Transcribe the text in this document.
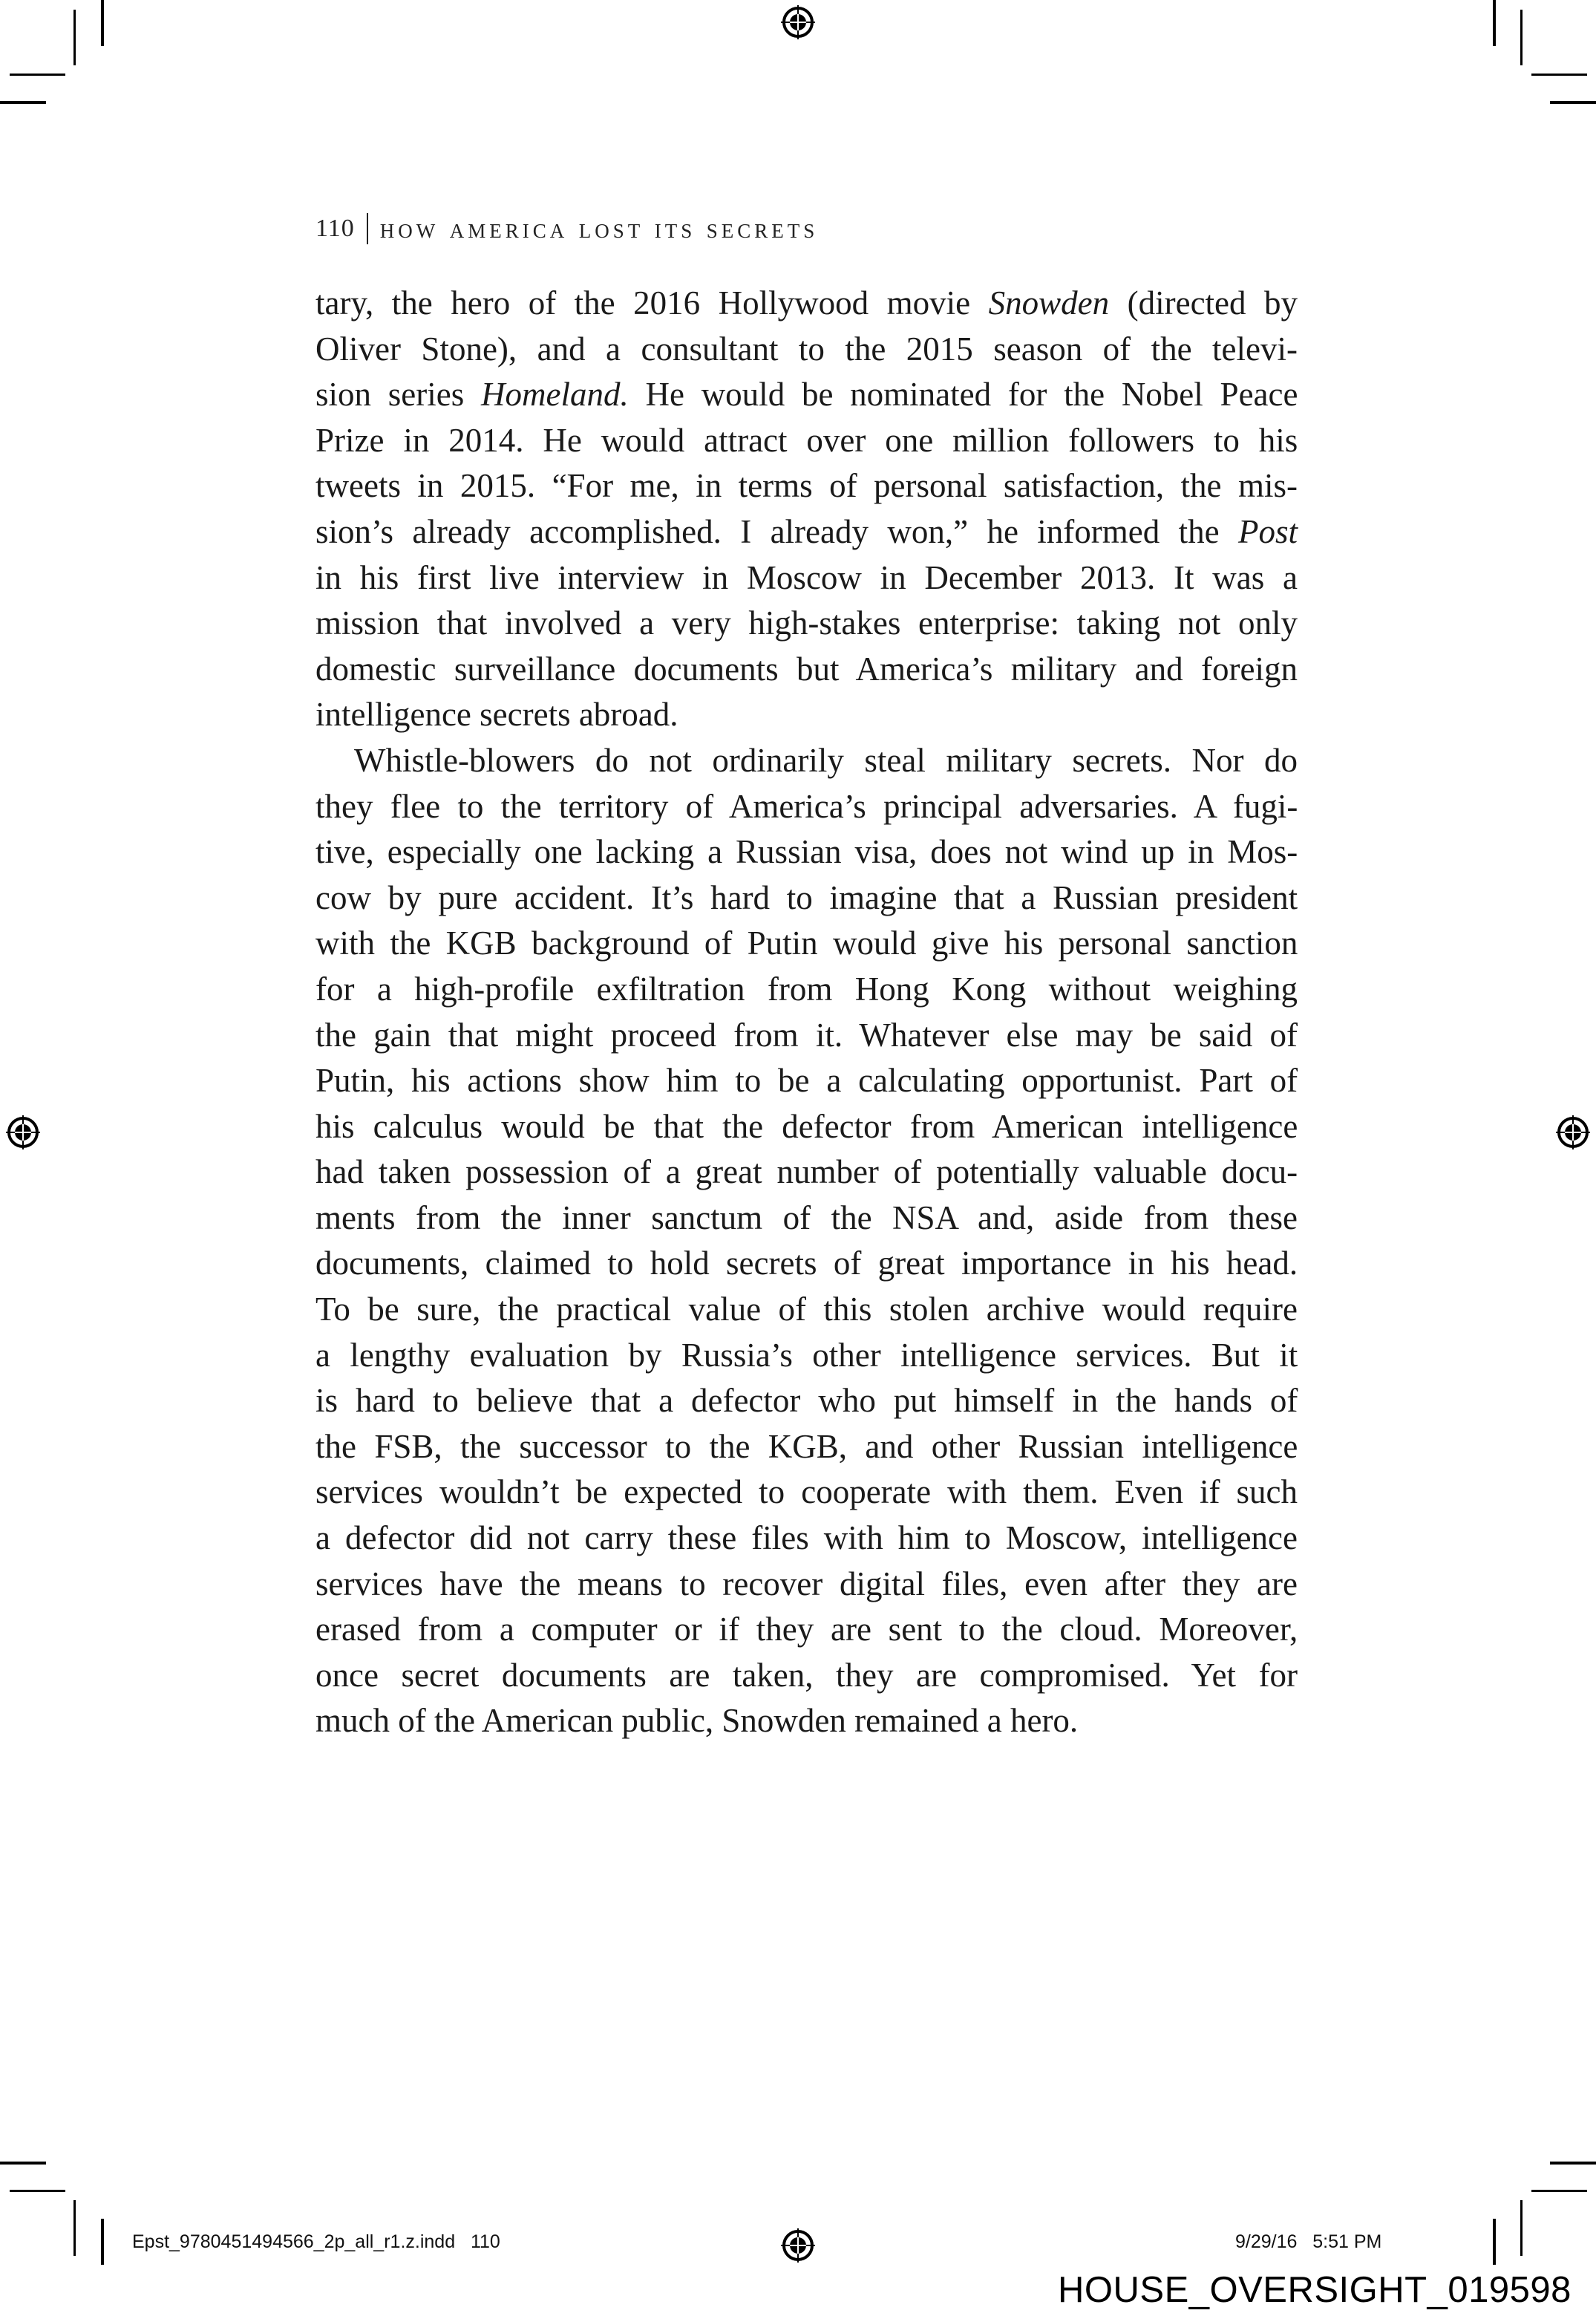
110 how america lost its secrets
tary, the hero of the 2016 Hollywood movie Snowden (directed by
Oliver Stone), and a consultant to the 2015 season of the televi-
sion series Homeland. He would be nominated for the Nobel Peace
Prize in 2014. He would attract over one million followers to his
tweets in 2015. “For me, in terms of personal satisfaction, the mis-
sion’s already accomplished. I already won,” he informed the Post
in his first live interview in Moscow in December 2013. It was a
mission that involved a very high-stakes enterprise: taking not only
domestic surveillance documents but America’s military and foreign
intelligence secrets abroad.
Whistle-blowers do not ordinarily steal military secrets. Nor do
they flee to the territory of America’s principal adversaries. A fugi-
tive, especially one lacking a Russian visa, does not wind up in Mos-
cow by pure accident. It’s hard to imagine that a Russian president
with the KGB background of Putin would give his personal sanction
for a high-profile exfiltration from Hong Kong without weighing
the gain that might proceed from it. Whatever else may be said of
Putin, his actions show him to be a calculating opportunist. Part of
his calculus would be that the defector from American intelligence
had taken possession of a great number of potentially valuable docu-
ments from the inner sanctum of the NSA and, aside from these
documents, claimed to hold secrets of great importance in his head.
To be sure, the practical value of this stolen archive would require
a lengthy evaluation by Russia’s other intelligence services. But it
is hard to believe that a defector who put himself in the hands of
the FSB, the successor to the KGB, and other Russian intelligence
services wouldn’t be expected to cooperate with them. Even if such
a defector did not carry these files with him to Moscow, intelligence
services have the means to recover digital files, even after they are
erased from a computer or if they are sent to the cloud. Moreover,
once secret documents are taken, they are compromised. Yet for
much of the American public, Snowden remained a hero.
Epst_9780451494566_2p_all_r1.z.indd 110	9/29/16 5:51 PM
HOUSE_OVERSIGHT_019598
